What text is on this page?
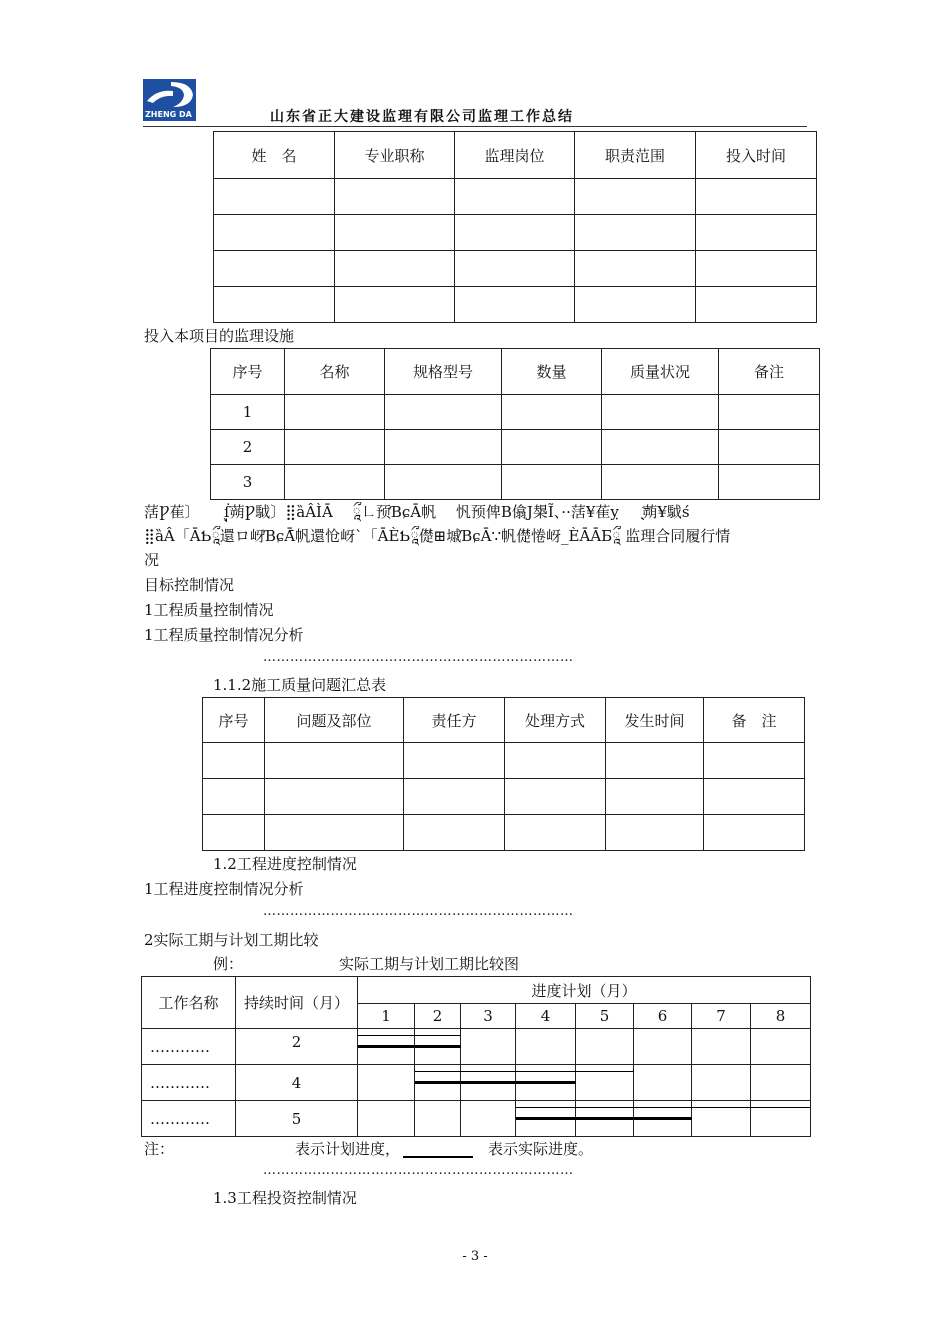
ZHENG DA	山东省正大建设监理有限公司监理工作总结
姓　名	专业职称	监理岗位	职责范围	投入时间

投入本项目的监理设施
序号	名称	规格型号	数量	质量状况	备注
1					
2					
3					
萿Ƿ萑〕 　 ẛ̖̘蒴Ƿ䮅〕⣿ȁÂÌĀ 　ཱྀ㇗预ƁɕĀ帆 　忛预俾Β㒆Ј槼Ĩ、··萿¥萑ỵ 　 ̖̖̖̖͝蒴¥䮅ś
⣿ȁÂ「ĀƄཱྀ還ロ岈ƁɕĀ̄帆還怆岈ˋ「ĀÈƄཱྀ儊⊞墄ƁɕĀ∵帆儊惓岈_ÈĀĀБཱྀ 监理合同履行情
况
目标控制情况
1工程质量控制情况
1工程质量控制情况分析
……………………………………………………………
1.1.2施工质量问题汇总表
序号	问题及部位	责任方	处理方式	发生时间	备　注

1.2工程进度控制情况
1工程进度控制情况分析
……………………………………………………………
2实际工期与计划工期比较
例：	实际工期与计划工期比较图
工作名称	持续时间（月）	进度计划（月）							
		1	2	3	4	5	6	7	8
…………	2								
…………	4								
…………	5								
注：	表示计划进度，	表示实际进度。
……………………………………………………………
1.3工程投资控制情况
- 3 -
